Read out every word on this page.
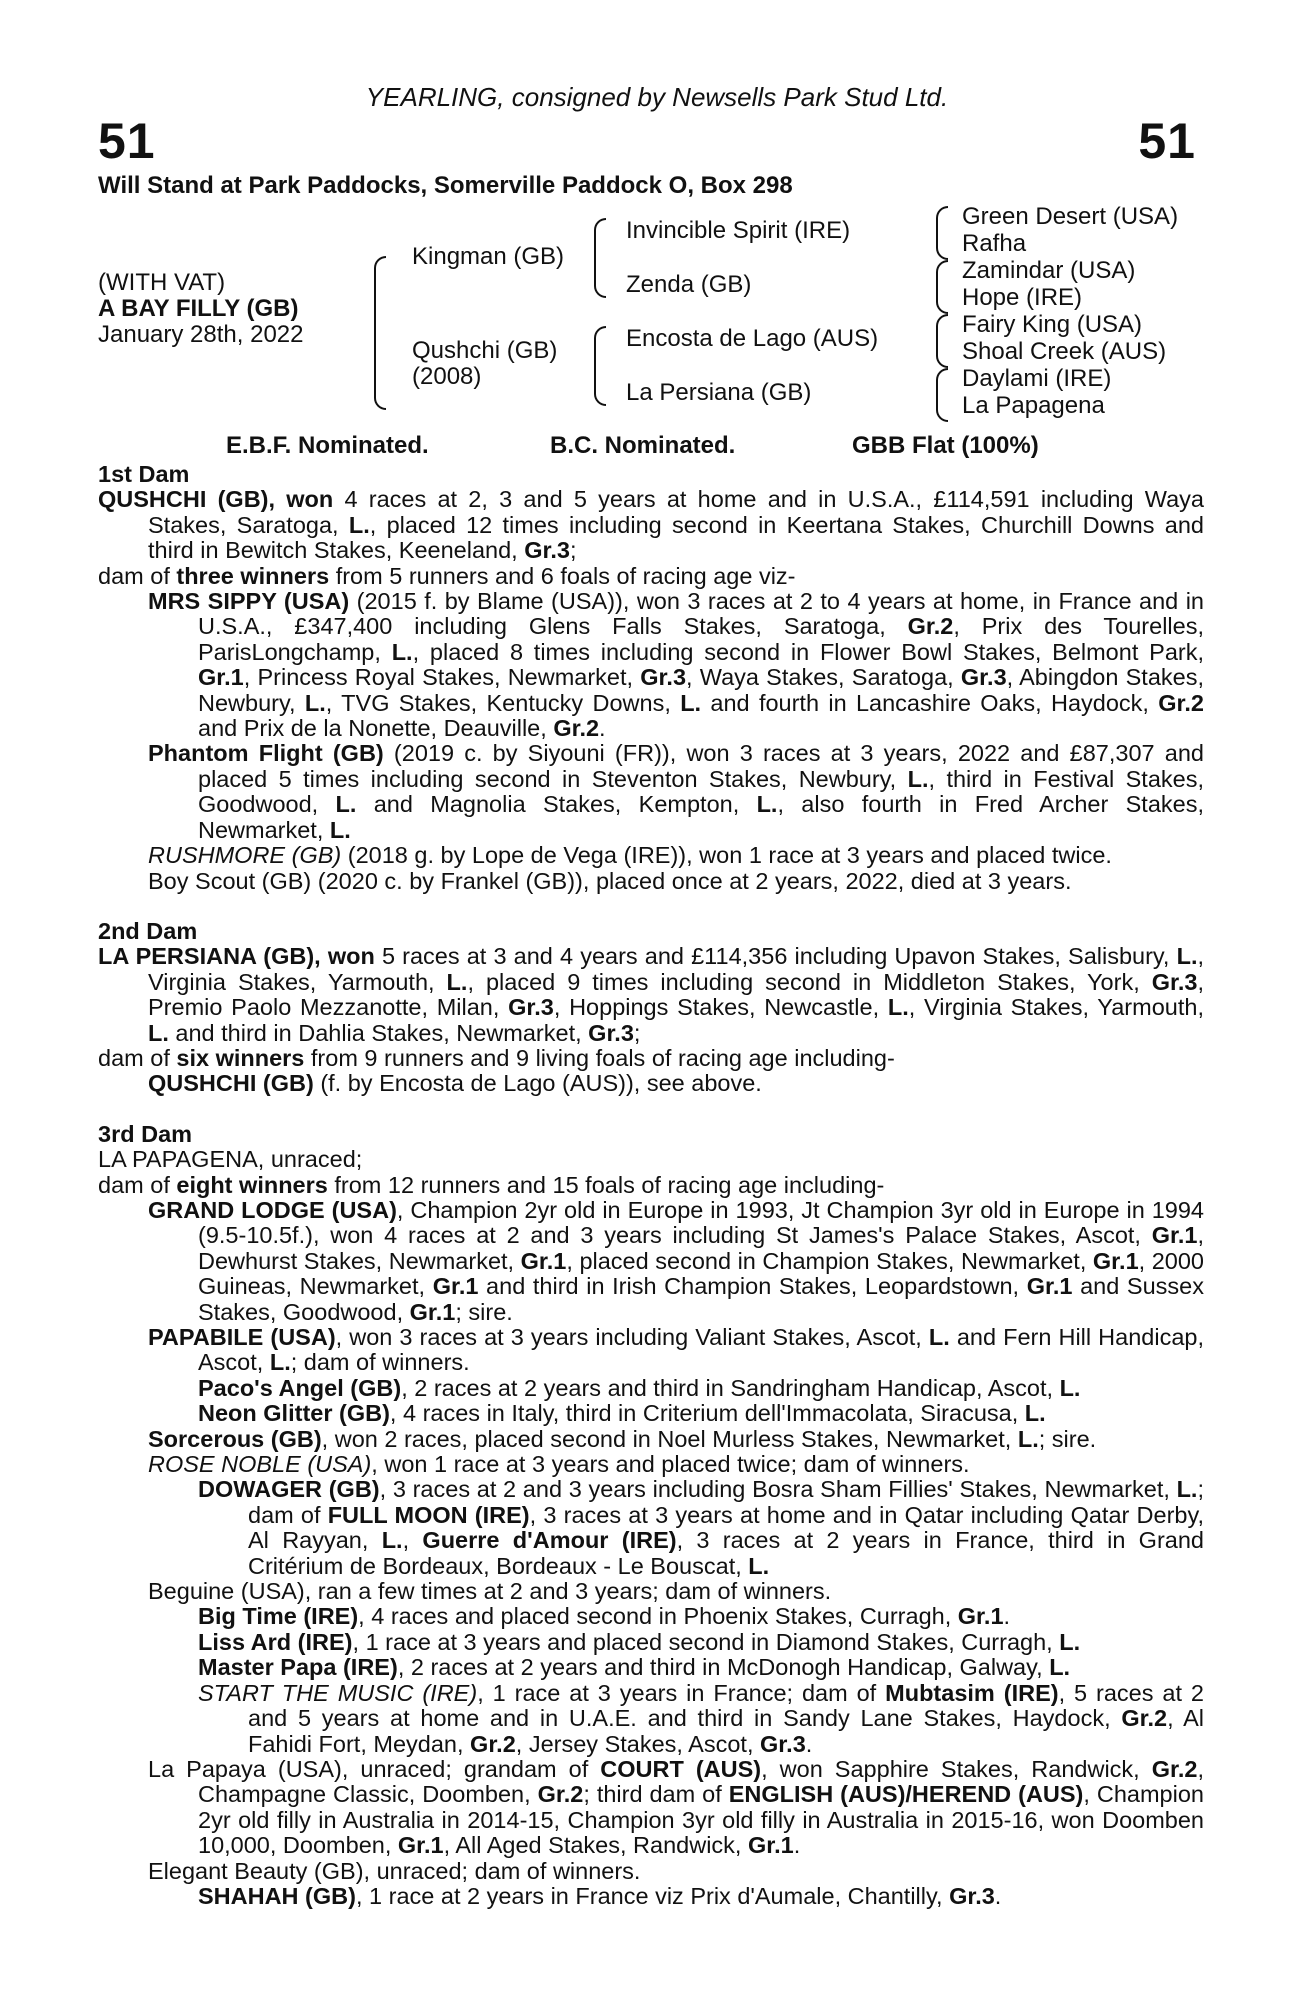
YEARLING, consigned by Newsells Park Stud Ltd.
51	51
Will Stand at Park Paddocks, Somerville Paddock O, Box 298
(WITH VAT)
A BAY FILLY (GB)
January 28th, 2022
Kingman (GB)
Qushchi (GB)
(2008)
Invincible Spirit (IRE)
Zenda (GB)
Encosta de Lago (AUS)
La Persiana (GB)
Green Desert (USA)
Rafha
Zamindar (USA)
Hope (IRE)
Fairy King (USA)
Shoal Creek (AUS)
Daylami (IRE)
La Papagena
E.B.F. Nominated.	B.C. Nominated.	GBB Flat (100%)

1st Dam

QUSHCHI (GB), won 4 races at 2, 3 and 5 years at home and in U.S.A., £114,591 including Waya Stakes, Saratoga, L., placed 12 times including second in Keertana Stakes, Churchill Downs and third in Bewitch Stakes, Keeneland, Gr.3;

dam of three winners from 5 runners and 6 foals of racing age viz-

MRS SIPPY (USA) (2015 f. by Blame (USA)), won 3 races at 2 to 4 years at home, in France and in U.S.A., £347,400 including Glens Falls Stakes, Saratoga, Gr.2, Prix des Tourelles, ParisLongchamp, L., placed 8 times including second in Flower Bowl Stakes, Belmont Park, Gr.1, Princess Royal Stakes, Newmarket, Gr.3, Waya Stakes, Saratoga, Gr.3, Abingdon Stakes, Newbury, L., TVG Stakes, Kentucky Downs, L. and fourth in Lancashire Oaks, Haydock, Gr.2 and Prix de la Nonette, Deauville, Gr.2.

Phantom Flight (GB) (2019 c. by Siyouni (FR)), won 3 races at 3 years, 2022 and £87,307 and placed 5 times including second in Steventon Stakes, Newbury, L., third in Festival Stakes, Goodwood, L. and Magnolia Stakes, Kempton, L., also fourth in Fred Archer Stakes, Newmarket, L.

RUSHMORE (GB) (2018 g. by Lope de Vega (IRE)), won 1 race at 3 years and placed twice.

Boy Scout (GB) (2020 c. by Frankel (GB)), placed once at 2 years, 2022, died at 3 years.

2nd Dam

LA PERSIANA (GB), won 5 races at 3 and 4 years and £114,356 including Upavon Stakes, Salisbury, L., Virginia Stakes, Yarmouth, L., placed 9 times including second in Middleton Stakes, York, Gr.3, Premio Paolo Mezzanotte, Milan, Gr.3, Hoppings Stakes, Newcastle, L., Virginia Stakes, Yarmouth, L. and third in Dahlia Stakes, Newmarket, Gr.3;

dam of six winners from 9 runners and 9 living foals of racing age including-

QUSHCHI (GB) (f. by Encosta de Lago (AUS)), see above.

3rd Dam

LA PAPAGENA, unraced;

dam of eight winners from 12 runners and 15 foals of racing age including-

GRAND LODGE (USA), Champion 2yr old in Europe in 1993, Jt Champion 3yr old in Europe in 1994 (9.5-10.5f.), won 4 races at 2 and 3 years including St James's Palace Stakes, Ascot, Gr.1, Dewhurst Stakes, Newmarket, Gr.1, placed second in Champion Stakes, Newmarket, Gr.1, 2000 Guineas, Newmarket, Gr.1 and third in Irish Champion Stakes, Leopardstown, Gr.1 and Sussex Stakes, Goodwood, Gr.1; sire.

PAPABILE (USA), won 3 races at 3 years including Valiant Stakes, Ascot, L. and Fern Hill Handicap, Ascot, L.; dam of winners.

Paco's Angel (GB), 2 races at 2 years and third in Sandringham Handicap, Ascot, L.

Neon Glitter (GB), 4 races in Italy, third in Criterium dell'Immacolata, Siracusa, L.

Sorcerous (GB), won 2 races, placed second in Noel Murless Stakes, Newmarket, L.; sire.

ROSE NOBLE (USA), won 1 race at 3 years and placed twice; dam of winners.

DOWAGER (GB), 3 races at 2 and 3 years including Bosra Sham Fillies' Stakes, Newmarket, L.; dam of FULL MOON (IRE), 3 races at 3 years at home and in Qatar including Qatar Derby, Al Rayyan, L., Guerre d'Amour (IRE), 3 races at 2 years in France, third in Grand Critérium de Bordeaux, Bordeaux - Le Bouscat, L.

Beguine (USA), ran a few times at 2 and 3 years; dam of winners.

Big Time (IRE), 4 races and placed second in Phoenix Stakes, Curragh, Gr.1.

Liss Ard (IRE), 1 race at 3 years and placed second in Diamond Stakes, Curragh, L.

Master Papa (IRE), 2 races at 2 years and third in McDonogh Handicap, Galway, L.

START THE MUSIC (IRE), 1 race at 3 years in France; dam of Mubtasim (IRE), 5 races at 2 and 5 years at home and in U.A.E. and third in Sandy Lane Stakes, Haydock, Gr.2, Al Fahidi Fort, Meydan, Gr.2, Jersey Stakes, Ascot, Gr.3.

La Papaya (USA), unraced; grandam of COURT (AUS), won Sapphire Stakes, Randwick, Gr.2, Champagne Classic, Doomben, Gr.2; third dam of ENGLISH (AUS)/HEREND (AUS), Champion 2yr old filly in Australia in 2014-15, Champion 3yr old filly in Australia in 2015-16, won Doomben 10,000, Doomben, Gr.1, All Aged Stakes, Randwick, Gr.1.

Elegant Beauty (GB), unraced; dam of winners.

SHAHAH (GB), 1 race at 2 years in France viz Prix d'Aumale, Chantilly, Gr.3.
